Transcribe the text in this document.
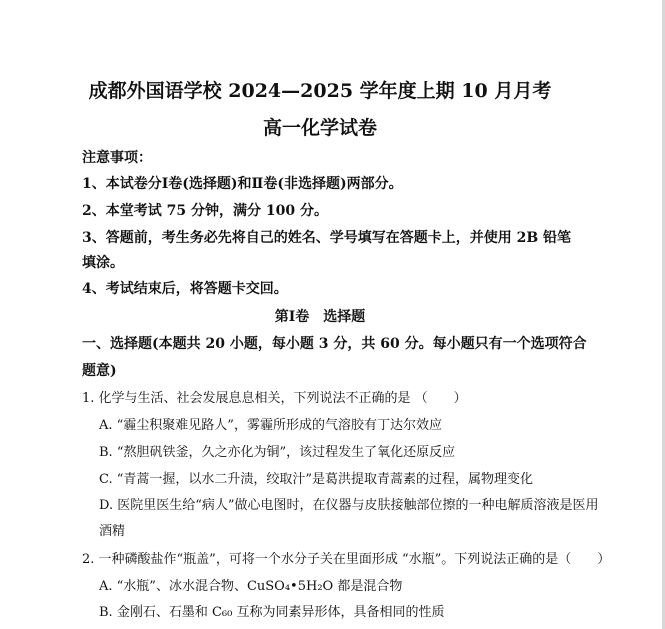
成都外国语学校 2024—2025 学年度上期 10 月月考
高一化学试卷
注意事项：
1、本试卷分Ⅰ卷(选择题)和Ⅱ卷(非选择题)两部分。
2、本堂考试 75 分钟，满分 100 分。
3、答题前，考生务必先将自己的姓名、学号填写在答题卡上，并使用 2B 铅笔
填涂。
4、考试结束后，将答题卡交回。
第Ⅰ卷　选择题
一、选择题(本题共 20 小题，每小题 3 分，共 60 分。每小题只有一个选项符合
题意)
1. 化学与生活、社会发展息息相关，下列说法不正确的是 （　　）
A. “霾尘积聚难见路人”，雾霾所形成的气溶胶有丁达尔效应
B. “熬胆矾铁釜，久之亦化为铜”，该过程发生了氧化还原反应
C. “青蒿一握，以水二升渍，绞取汁”是葛洪提取青蒿素的过程，属物理变化
D. 医院里医生给“病人”做心电图时，在仪器与皮肤接触部位擦的一种电解质溶液是医用
酒精
2. 一种磷酸盐作“瓶盖”，可将一个水分子关在里面形成 “水瓶”。下列说法正确的是（　　）
A. “水瓶”、冰水混合物、CuSO₄•5H₂O 都是混合物
B. 金刚石、石墨和 C₆₀ 互称为同素异形体，具备相同的性质
